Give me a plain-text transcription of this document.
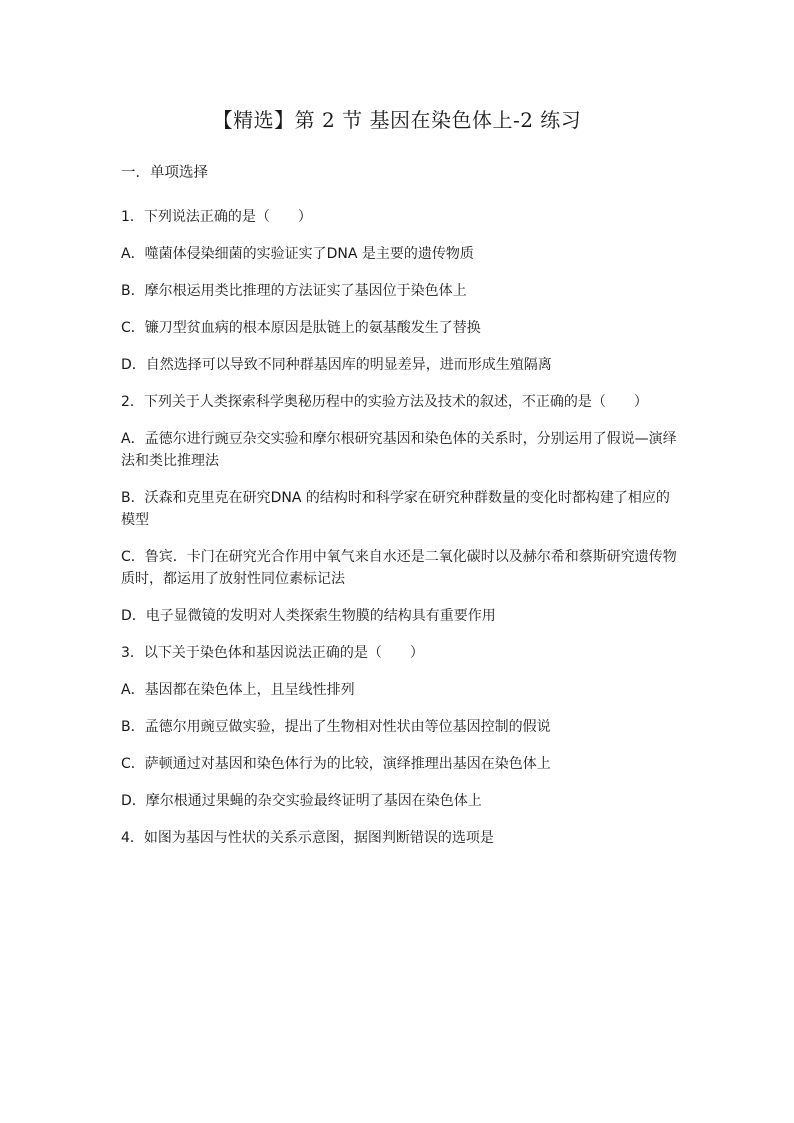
【精选】第 2 节 基因在染色体上-2 练习
一．单项选择

1．下列说法正确的是（　　）

A．噬菌体侵染细菌的实验证实了DNA 是主要的遗传物质

B．摩尔根运用类比推理的方法证实了基因位于染色体上

C．镰刀型贫血病的根本原因是肽链上的氨基酸发生了替换

D．自然选择可以导致不同种群基因库的明显差异，进而形成生殖隔离

2．下列关于人类探索科学奥秘历程中的实验方法及技术的叙述，不正确的是（　　）

A．孟德尔进行豌豆杂交实验和摩尔根研究基因和染色体的关系时，分别运用了假说—演绎法和类比推理法

B．沃森和克里克在研究DNA 的结构时和科学家在研究种群数量的变化时都构建了相应的模型

C．鲁宾．卡门在研究光合作用中氧气来自水还是二氧化碳时以及赫尔希和蔡斯研究遗传物质时，都运用了放射性同位素标记法

D．电子显微镜的发明对人类探索生物膜的结构具有重要作用

3．以下关于染色体和基因说法正确的是（　　）

A．基因都在染色体上，且呈线性排列

B．孟德尔用豌豆做实验，提出了生物相对性状由等位基因控制的假说

C．萨顿通过对基因和染色体行为的比较，演绎推理出基因在染色体上

D．摩尔根通过果蝇的杂交实验最终证明了基因在染色体上

4．如图为基因与性状的关系示意图，据图判断错误的选项是
